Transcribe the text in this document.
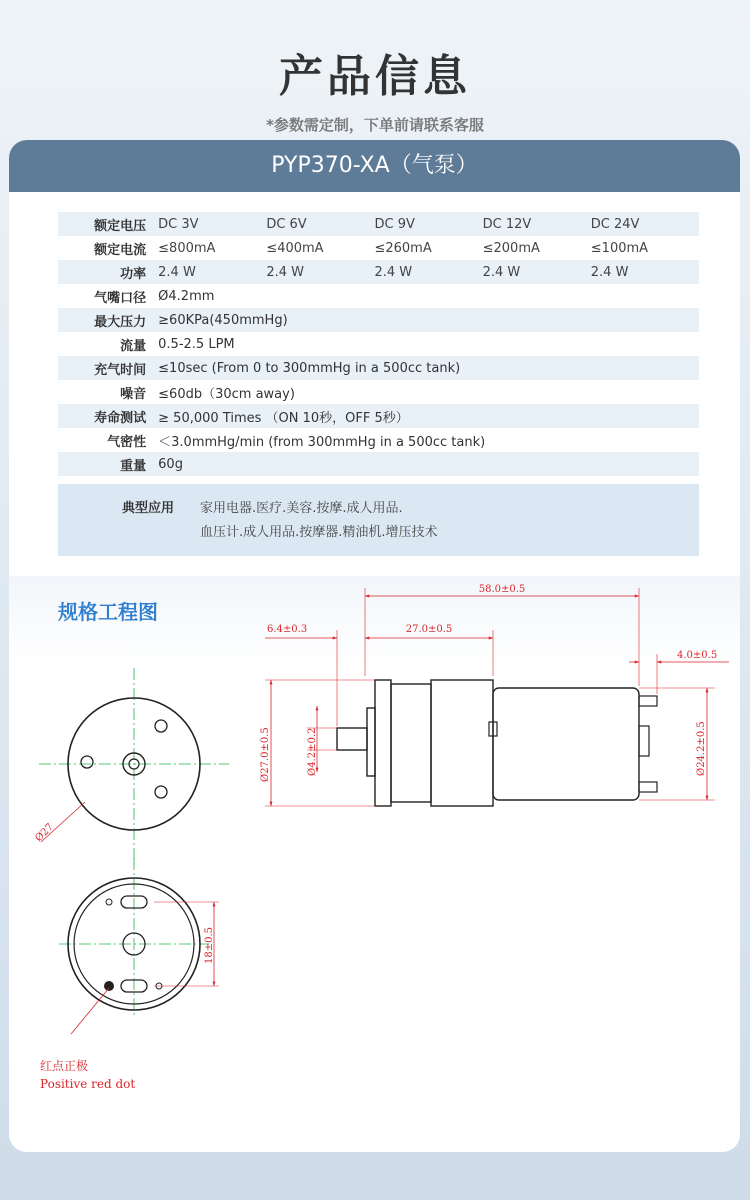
产品信息
*参数需定制，下单前请联系客服
PYP370-XA（气泵）
额定电压	DC 3V	DC 6V	DC 9V	DC 12V	DC 24V
额定电流	≤800mA	≤400mA	≤260mA	≤200mA	≤100mA
功率	2.4 W	2.4 W	2.4 W	2.4 W	2.4 W
气嘴口径	Ø4.2mm				
最大压力	≥60KPa(450mmHg)				
流量	0.5-2.5 LPM				
充气时间	≤10sec (From 0 to 300mmHg in a 500cc tank)				
噪音	≤60db（30cm away)				
寿命测试	≥ 50,000 Times （ON 10秒，OFF 5秒）				
气密性	＜3.0mmHg/min (from 300mmHg in a 500cc tank)				
重量	60g				
典型应用 家用电器.医疗.美容.按摩.成人用品.
血压计.成人用品.按摩器.精油机.增压技术
规格工程图
Ø27
18±0.5
红点正极
Positive red dot
58.0±0.5
6.4±0.3	27.0±0.5
4.0±0.5
Ø27.0±0.5	Ø4.2±0.2	Ø24.2±0.5
